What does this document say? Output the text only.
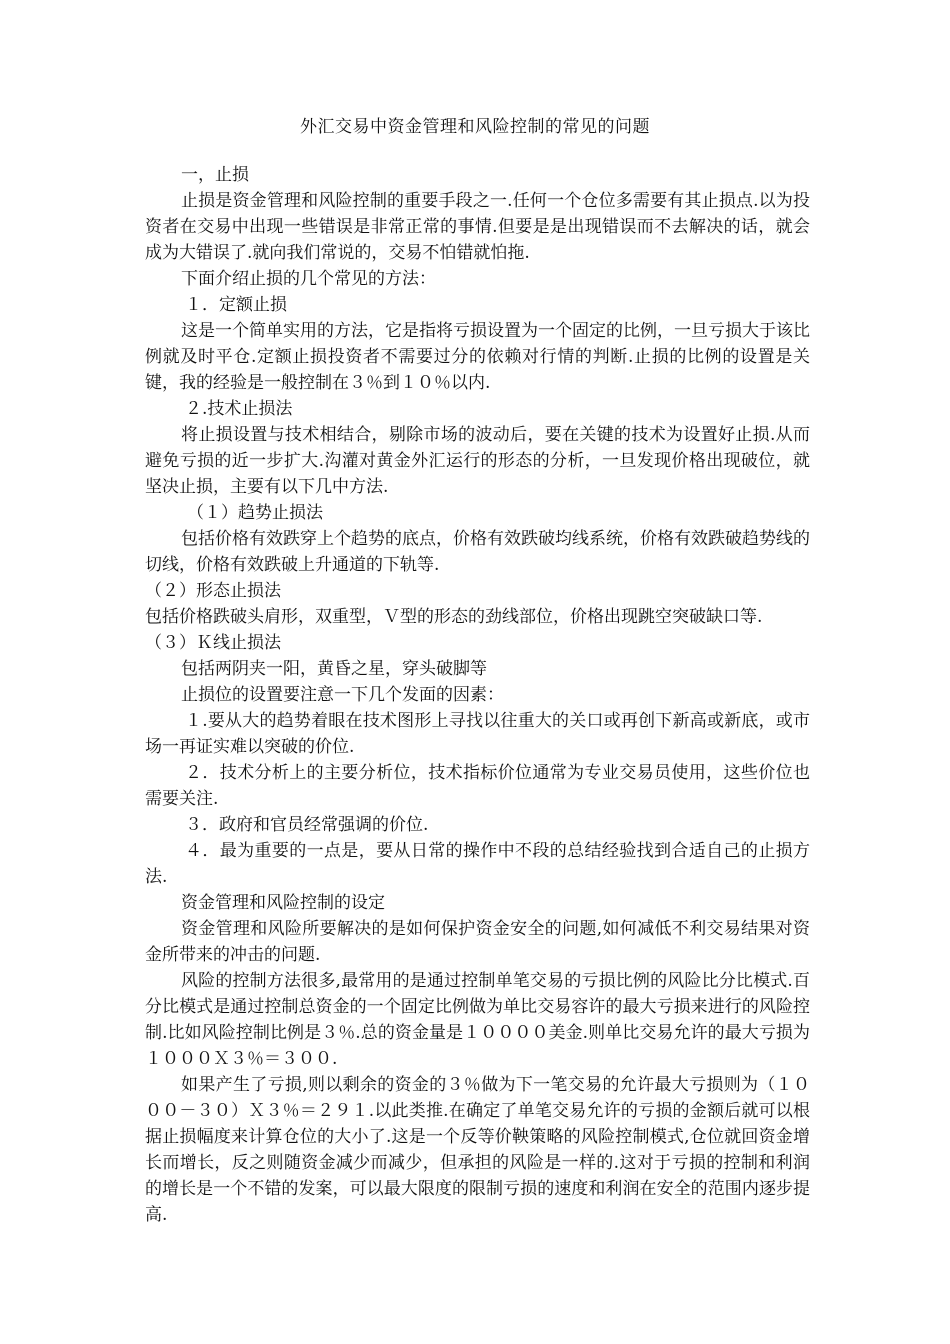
外汇交易中资金管理和风险控制的常见的问题

一，止损

止损是资金管理和风险控制的重要手段之一.任何一个仓位多需要有其止损点.以为投资者在交易中出现一些错误是非常正常的事情.但要是是出现错误而不去解决的话，就会成为大错误了.就向我们常说的，交易不怕错就怕拖.

下面介绍止损的几个常见的方法：

１．定额止损

这是一个简单实用的方法，它是指将亏损设置为一个固定的比例，一旦亏损大于该比例就及时平仓.定额止损投资者不需要过分的依赖对行情的判断.止损的比例的设置是关键，我的经验是一般控制在３％到１０％以内.

２.技术止损法

将止损设置与技术相结合，剔除市场的波动后，要在关键的技术为设置好止损.从而避免亏损的近一步扩大.沟灌对黄金外汇运行的形态的分析，一旦发现价格出现破位，就坚决止损，主要有以下几中方法.

（１）趋势止损法

包括价格有效跌穿上个趋势的底点，价格有效跌破均线系统，价格有效跌破趋势线的切线，价格有效跌破上升通道的下轨等.

（２）形态止损法

包括价格跌破头肩形，双重型，Ｖ型的形态的劲线部位，价格出现跳空突破缺口等.

（３）Ｋ线止损法

包括两阴夹一阳，黄昏之星，穿头破脚等

止损位的设置要注意一下几个发面的因素：

１.要从大的趋势着眼在技术图形上寻找以往重大的关口或再创下新高或新底，或市场一再证实难以突破的价位.

２．技术分析上的主要分析位，技术指标价位通常为专业交易员使用，这些价位也需要关注.

３．政府和官员经常强调的价位.

４．最为重要的一点是，要从日常的操作中不段的总结经验找到合适自己的止损方法.

资金管理和风险控制的设定

资金管理和风险所要解决的是如何保护资金安全的问题,如何减低不利交易结果对资金所带来的冲击的问题.

风险的控制方法很多,最常用的是通过控制单笔交易的亏损比例的风险比分比模式.百分比模式是通过控制总资金的一个固定比例做为单比交易容许的最大亏损来进行的风险控制.比如风险控制比例是３％.总的资金量是１００００美金.则单比交易允许的最大亏损为１０００Ｘ３％＝３００.

如果产生了亏损,则以剩余的资金的３％做为下一笔交易的允许最大亏损则为（１０００－３０）Ｘ３％＝２９１.以此类推.在确定了单笔交易允许的亏损的金额后就可以根据止损幅度来计算仓位的大小了.这是一个反等价鞅策略的风险控制模式,仓位就回资金增长而增长，反之则随资金减少而减少，但承担的风险是一样的.这对于亏损的控制和利润的增长是一个不错的发案，可以最大限度的限制亏损的速度和利润在安全的范围内逐步提高.
